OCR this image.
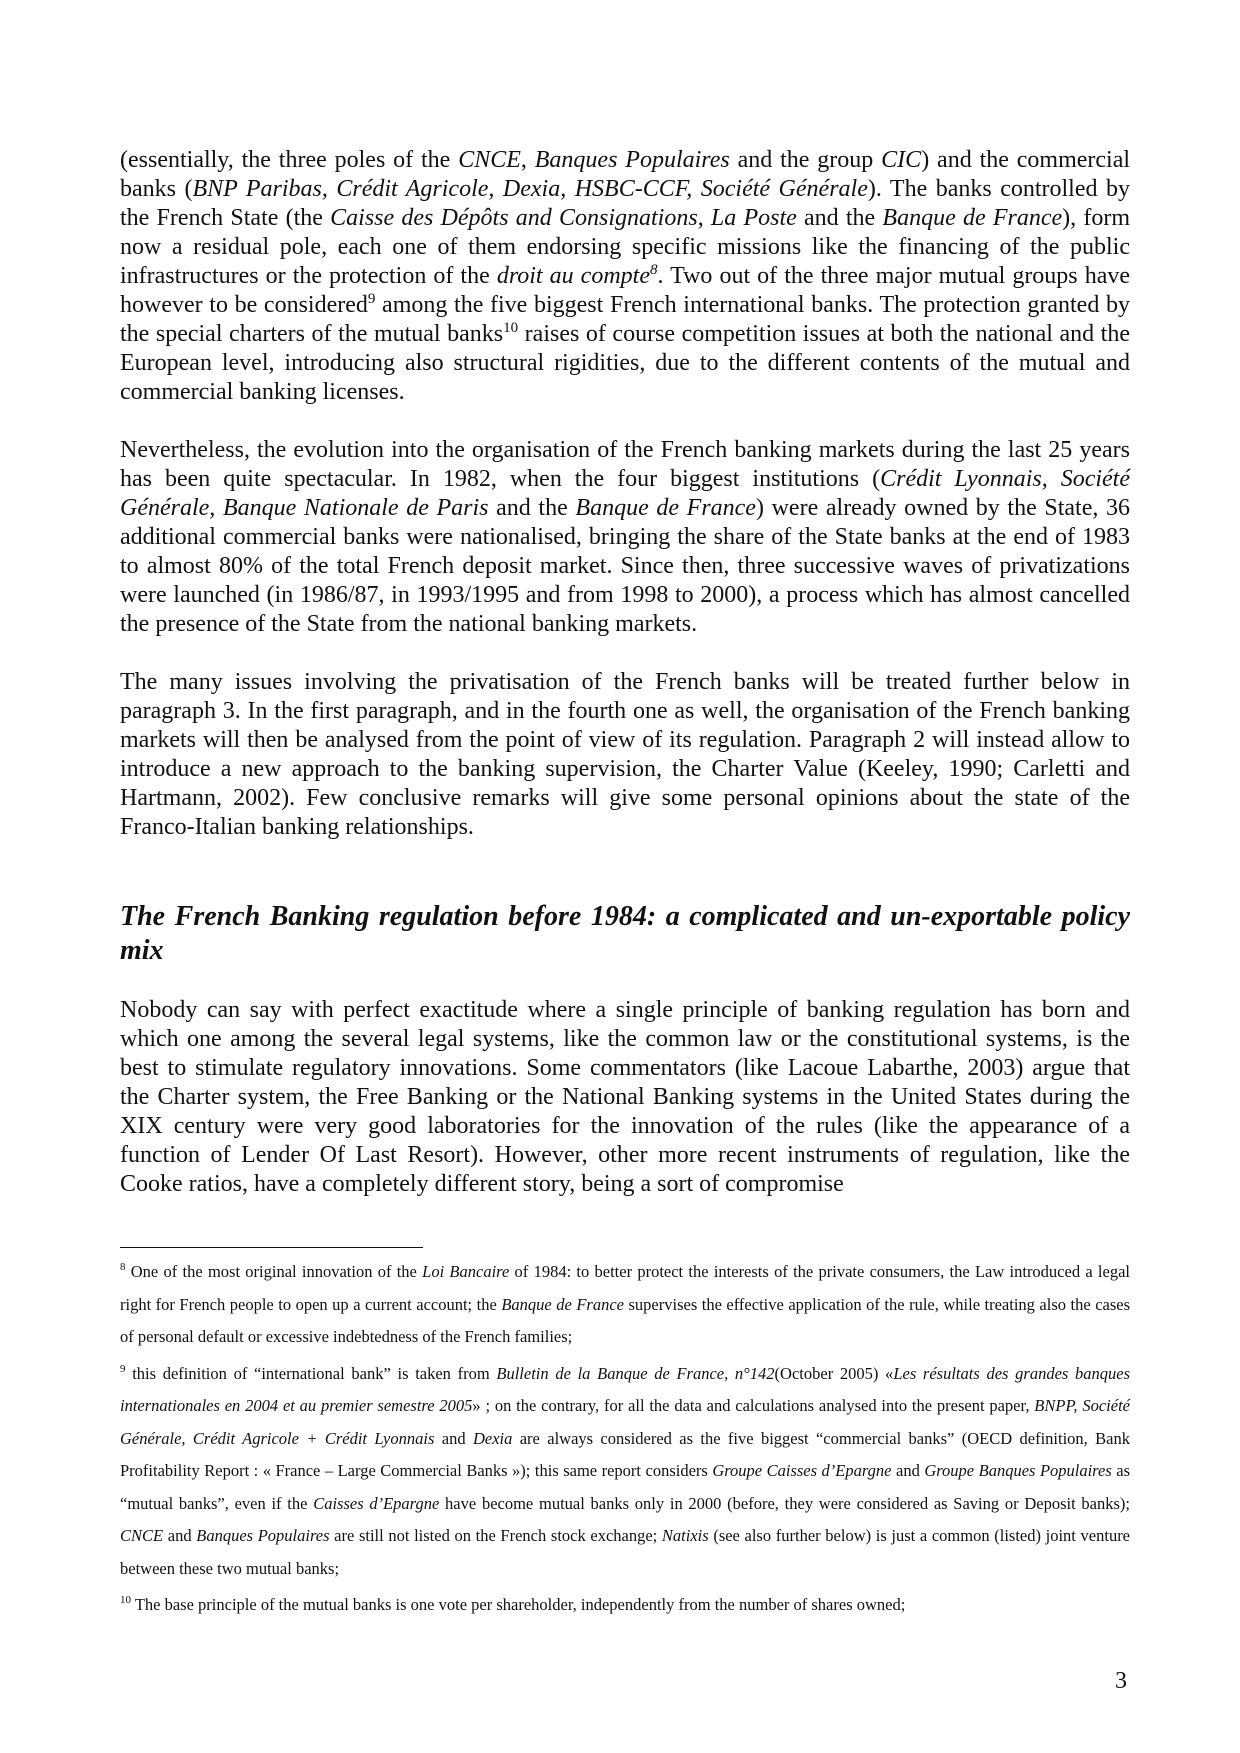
(essentially, the three poles of the CNCE, Banques Populaires and the group CIC) and the commercial banks (BNP Paribas, Crédit Agricole, Dexia, HSBC-CCF, Société Générale). The banks controlled by the French State (the Caisse des Dépôts and Consignations, La Poste and the Banque de France), form now a residual pole, each one of them endorsing specific missions like the financing of the public infrastructures or the protection of the droit au compte$^8$. Two out of the three major mutual groups have however to be considered$^9$ among the five biggest French international banks. The protection granted by the special charters of the mutual banks$^{10}$ raises of course competition issues at both the national and the European level, introducing also structural rigidities, due to the different contents of the mutual and commercial banking licenses.

Nevertheless, the evolution into the organisation of the French banking markets during the last 25 years has been quite spectacular. In 1982, when the four biggest institutions (Crédit Lyonnais, Société Générale, Banque Nationale de Paris and the Banque de France) were already owned by the State, 36 additional commercial banks were nationalised, bringing the share of the State banks at the end of 1983 to almost 80% of the total French deposit market. Since then, three successive waves of privatizations were launched (in 1986/87, in 1993/1995 and from 1998 to 2000), a process which has almost cancelled the presence of the State from the national banking markets.

The many issues involving the privatisation of the French banks will be treated further below in paragraph 3. In the first paragraph, and in the fourth one as well, the organisation of the French banking markets will then be analysed from the point of view of its regulation. Paragraph 2 will instead allow to introduce a new approach to the banking supervision, the Charter Value (Keeley, 1990; Carletti and Hartmann, 2002). Few conclusive remarks will give some personal opinions about the state of the Franco-Italian banking relationships.

The French Banking regulation before 1984: a complicated and un-exportable policy mix

Nobody can say with perfect exactitude where a single principle of banking regulation has born and which one among the several legal systems, like the common law or the constitutional systems, is the best to stimulate regulatory innovations. Some commentators (like Lacoue Labarthe, 2003) argue that the Charter system, the Free Banking or the National Banking systems in the United States during the XIX century were very good laboratories for the innovation of the rules (like the appearance of a function of Lender Of Last Resort). However, other more recent instruments of regulation, like the Cooke ratios, have a completely different story, being a sort of compromise

$^8$ One of the most original innovation of the Loi Bancaire of 1984: to better protect the interests of the private consumers, the Law introduced a legal right for French people to open up a current account; the Banque de France supervises the effective application of the rule, while treating also the cases of personal default or excessive indebtedness of the French families;

$^9$ this definition of “international bank” is taken from Bulletin de la Banque de France, n°142(October 2005) «Les résultats des grandes banques internationales en 2004 et au premier semestre 2005» ; on the contrary, for all the data and calculations analysed into the present paper, BNPP, Société Générale, Crédit Agricole + Crédit Lyonnais and Dexia are always considered as the five biggest “commercial banks” (OECD definition, Bank Profitability Report : « France – Large Commercial Banks »); this same report considers Groupe Caisses d’Epargne and Groupe Banques Populaires as “mutual banks”, even if the Caisses d’Epargne have become mutual banks only in 2000 (before, they were considered as Saving or Deposit banks); CNCE and Banques Populaires are still not listed on the French stock exchange; Natixis (see also further below) is just a common (listed) joint venture between these two mutual banks;

$^{10}$ The base principle of the mutual banks is one vote per shareholder, independently from the number of shares owned;

3
